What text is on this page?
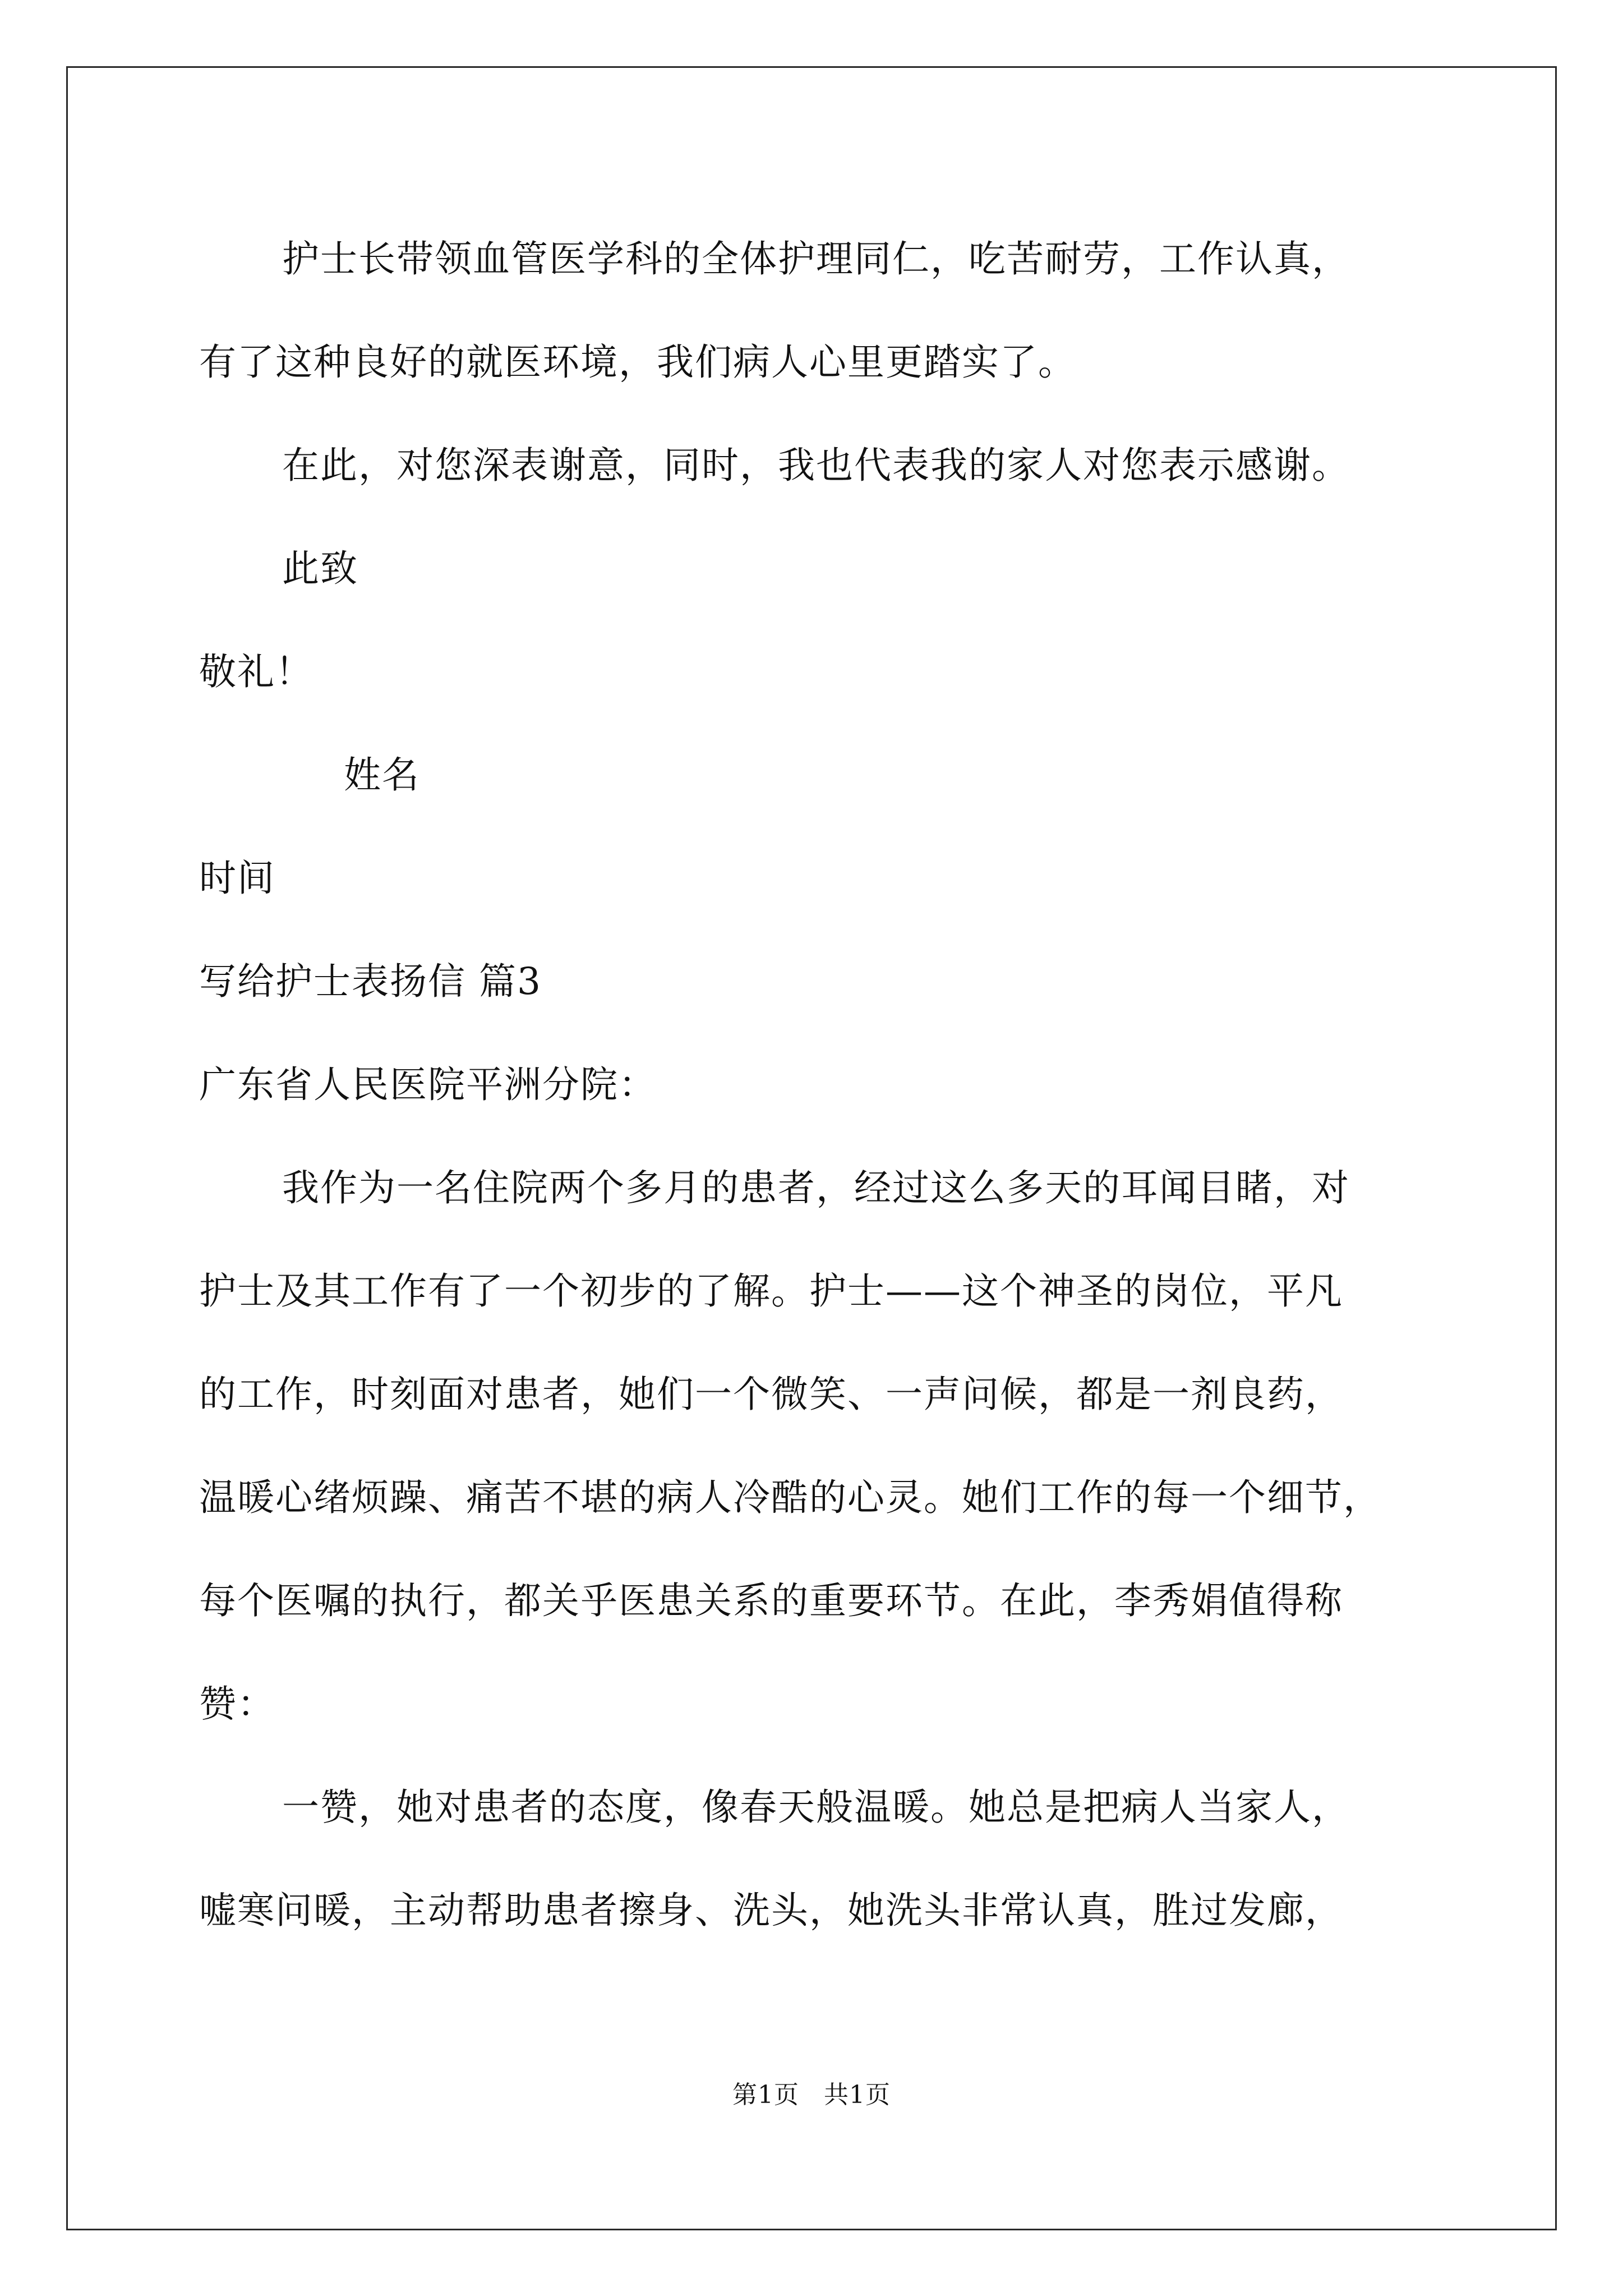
护士长带领血管医学科的全体护理同仁，吃苦耐劳，工作认真，
有了这种良好的就医环境，我们病人心里更踏实了。
在此，对您深表谢意，同时，我也代表我的家人对您表示感谢。
此致
敬礼！
姓名
时间
写给护士表扬信 篇3
广东省人民医院平洲分院：
我作为一名住院两个多月的患者，经过这么多天的耳闻目睹，对
护士及其工作有了一个初步的了解。护士——这个神圣的岗位，平凡
的工作，时刻面对患者，她们一个微笑、一声问候，都是一剂良药，
温暖心绪烦躁、痛苦不堪的病人冷酷的心灵。她们工作的每一个细节，
每个医嘱的执行，都关乎医患关系的重要环节。在此，李秀娟值得称
赞：
一赞，她对患者的态度，像春天般温暖。她总是把病人当家人，
嘘寒问暖，主动帮助患者擦身、洗头，她洗头非常认真，胜过发廊，
第1页 共1页
